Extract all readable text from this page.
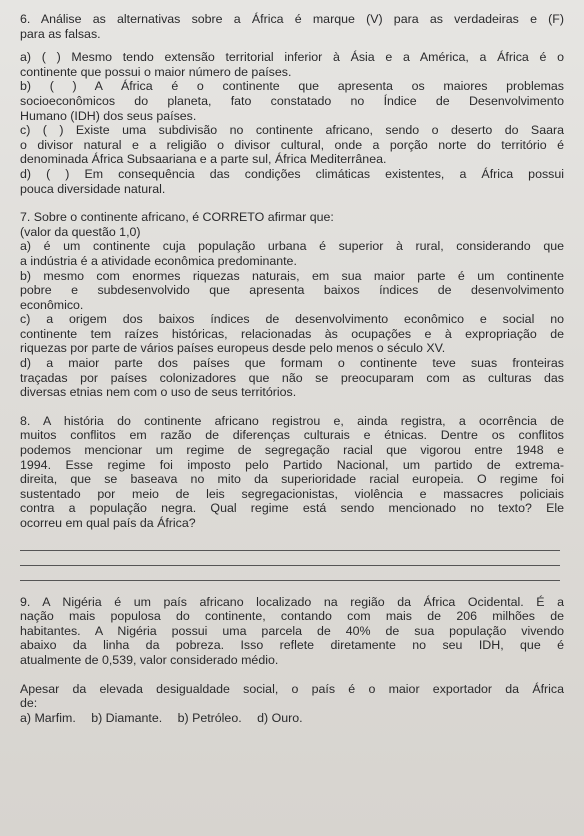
6. Análise as alternativas sobre a África é marque (V) para as verdadeiras e (F)

para as falsas.

a) ( ) Mesmo tendo extensão territorial inferior à Ásia e a América, a África é o

continente que possui o maior número de países.

b) ( ) A África é o continente que apresenta os maiores problemas

socioeconômicos do planeta, fato constatado no Índice de Desenvolvimento

Humano (IDH) dos seus países.

c) ( ) Existe uma subdivisão no continente africano, sendo o deserto do Saara

o divisor natural e a religião o divisor cultural, onde a porção norte do território é

denominada África Subsaariana e a parte sul, África Mediterrânea.

d) ( ) Em consequência das condições climáticas existentes, a África possui

pouca diversidade natural.

7. Sobre o continente africano, é CORRETO afirmar que:

(valor da questão 1,0)

a) é um continente cuja população urbana é superior à rural, considerando que

a indústria é a atividade econômica predominante.

b) mesmo com enormes riquezas naturais, em sua maior parte é um continente

pobre e subdesenvolvido que apresenta baixos índices de desenvolvimento

econômico.

c) a origem dos baixos índices de desenvolvimento econômico e social no

continente tem raízes históricas, relacionadas às ocupações e à expropriação de

riquezas por parte de vários países europeus desde pelo menos o século XV.

d) a maior parte dos países que formam o continente teve suas fronteiras

traçadas por países colonizadores que não se preocuparam com as culturas das

diversas etnias nem com o uso de seus territórios.

8. A história do continente africano registrou e, ainda registra, a ocorrência de

muitos conflitos em razão de diferenças culturais e étnicas. Dentre os conflitos

podemos mencionar um regime de segregação racial que vigorou entre 1948 e

1994. Esse regime foi imposto pelo Partido Nacional, um partido de extrema-

direita, que se baseava no mito da superioridade racial europeia. O regime foi

sustentado por meio de leis segregacionistas, violência e massacres policiais

contra a população negra. Qual regime está sendo mencionado no texto? Ele

ocorreu em qual país da África?

9. A Nigéria é um país africano localizado na região da África Ocidental. É a

nação mais populosa do continente, contando com mais de 206 milhões de

habitantes. A Nigéria possui uma parcela de 40% de sua população vivendo

abaixo da linha da pobreza. Isso reflete diretamente no seu IDH, que é

atualmente de 0,539, valor considerado médio.

Apesar da elevada desigualdade social, o país é o maior exportador da África

de:

a) Marfim. b) Diamante. b) Petróleo. d) Ouro.
